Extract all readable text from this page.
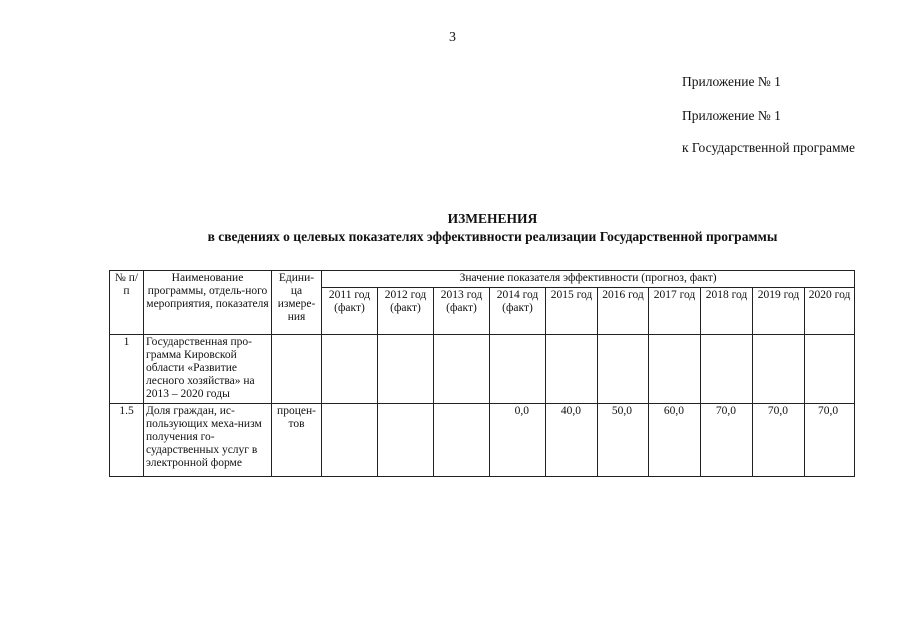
3
Приложение № 1
Приложение № 1
к Государственной программе
ИЗМЕНЕНИЯ
в сведениях о целевых показателях эффективности реализации Государственной программы
№ п/п	Наименование программы, отдель-ного мероприятия, показателя	Едини-ца измере-ния	Значение показателя эффективности (прогноз, факт)									
			2011 год (факт)	2012 год (факт)	2013 год (факт)	2014 год (факт)	2015 год	2016 год	2017 год	2018 год	2019 год	2020 год
1	Государственная про-грамма Кировской области «Развитие лесного хозяйства» на 2013 – 2020 годы											
1.5	Доля граждан, ис-пользующих меха-низм получения го-сударственных услуг в электронной форме	процен-тов				0,0	40,0	50,0	60,0	70,0	70,0	70,0
